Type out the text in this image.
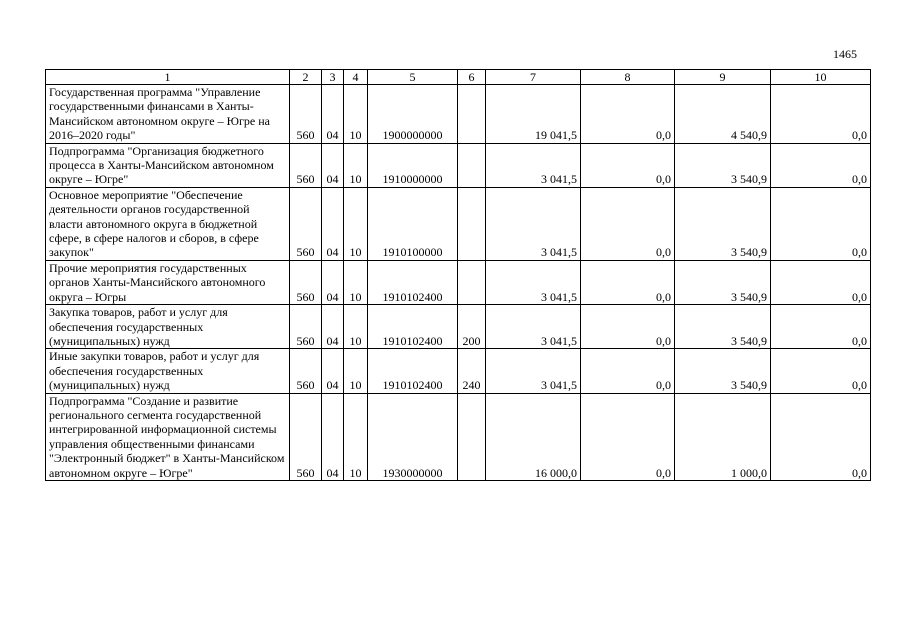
1465
1	2	3	4	5	6	7	8	9	10
Государственная программа "Управление государственными финансами в Ханты-Мансийском автономном округе – Югре на 2016–2020 годы"	560	04	10	1900000000		19 041,5	0,0	4 540,9	0,0
Подпрограмма "Организация бюджетного процесса в Ханты-Мансийском автономном округе – Югре"	560	04	10	1910000000		3 041,5	0,0	3 540,9	0,0
Основное мероприятие "Обеспечение деятельности органов государственной власти автономного округа в бюджетной сфере, в сфере налогов и сборов, в сфере закупок"	560	04	10	1910100000		3 041,5	0,0	3 540,9	0,0
Прочие мероприятия государственных органов Ханты-Мансийского автономного округа – Югры	560	04	10	1910102400		3 041,5	0,0	3 540,9	0,0
Закупка товаров, работ и услуг для обеспечения государственных (муниципальных) нужд	560	04	10	1910102400	200	3 041,5	0,0	3 540,9	0,0
Иные закупки товаров, работ и услуг для обеспечения государственных (муниципальных) нужд	560	04	10	1910102400	240	3 041,5	0,0	3 540,9	0,0
Подпрограмма "Создание и развитие регионального сегмента государственной интегрированной информационной системы управления общественными финансами "Электронный бюджет" в Ханты-Мансийском автономном округе – Югре"	560	04	10	1930000000		16 000,0	0,0	1 000,0	0,0
